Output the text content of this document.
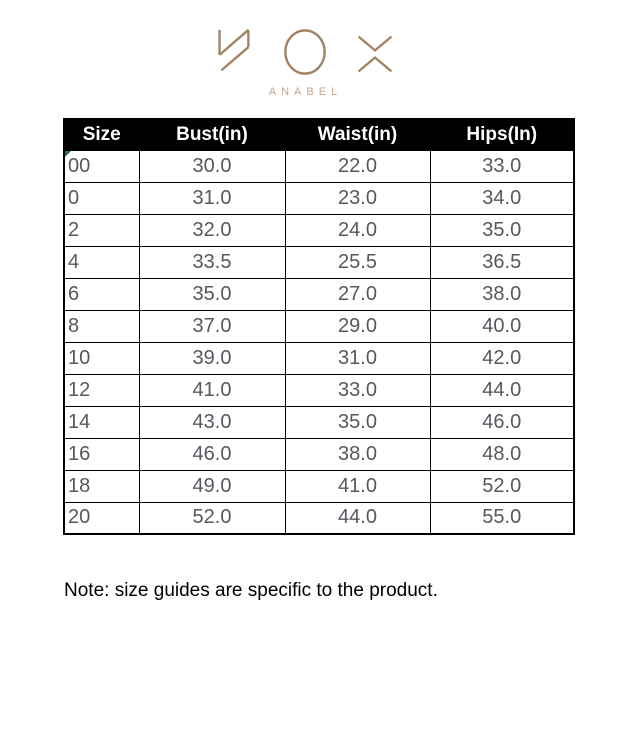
ANABEL
Size	Bust(in)	Waist(in)	Hips(In)
00	30.0	22.0	33.0
0	31.0	23.0	34.0
2	32.0	24.0	35.0
4	33.5	25.5	36.5
6	35.0	27.0	38.0
8	37.0	29.0	40.0
10	39.0	31.0	42.0
12	41.0	33.0	44.0
14	43.0	35.0	46.0
16	46.0	38.0	48.0
18	49.0	41.0	52.0
20	52.0	44.0	55.0
Note: size guides are specific to the product.
